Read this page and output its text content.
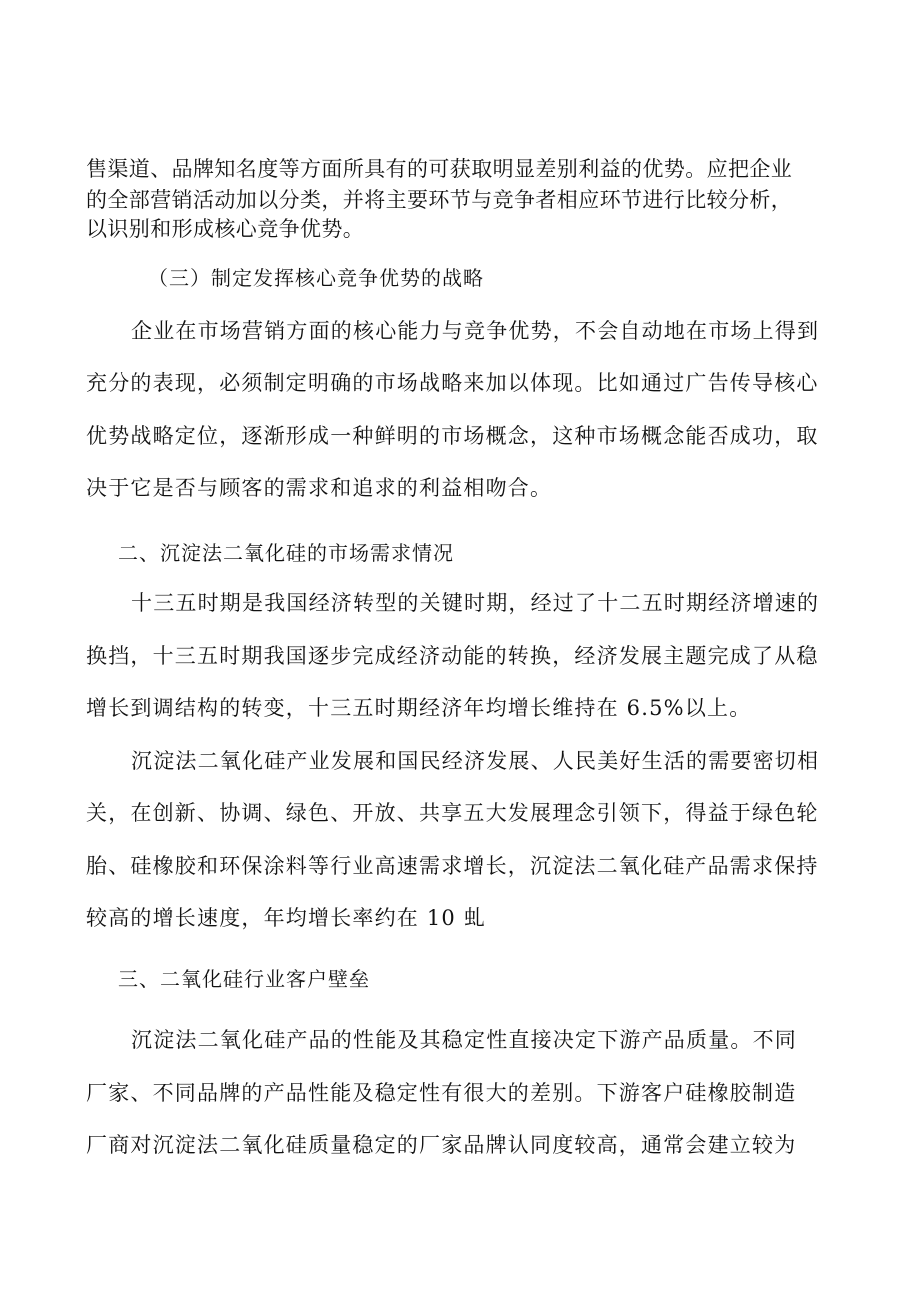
售渠道、品牌知名度等方面所具有的可获取明显差别利益的优势。应把企业
的全部营销活动加以分类，并将主要环节与竞争者相应环节进行比较分析，
以识别和形成核心竞争优势。
（三）制定发挥核心竞争优势的战略
企业在市场营销方面的核心能力与竞争优势，不会自动地在市场上得到
充分的表现，必须制定明确的市场战略来加以体现。比如通过广告传导核心
优势战略定位，逐渐形成一种鲜明的市场概念，这种市场概念能否成功，取
决于它是否与顾客的需求和追求的利益相吻合。
二、沉淀法二氧化硅的市场需求情况
十三五时期是我国经济转型的关键时期，经过了十二五时期经济增速的
换挡，十三五时期我国逐步完成经济动能的转换，经济发展主题完成了从稳
增长到调结构的转变，十三五时期经济年均增长维持在 6.5%以上。
沉淀法二氧化硅产业发展和国民经济发展、人民美好生活的需要密切相
关，在创新、协调、绿色、开放、共享五大发展理念引领下，得益于绿色轮
胎、硅橡胶和环保涂料等行业高速需求增长，沉淀法二氧化硅产品需求保持
较高的增长速度，年均增长率约在 10 虬
三、二氧化硅行业客户壁垒
沉淀法二氧化硅产品的性能及其稳定性直接决定下游产品质量。不同
厂家、不同品牌的产品性能及稳定性有很大的差别。下游客户硅橡胶制造
厂商对沉淀法二氧化硅质量稳定的厂家品牌认同度较高，通常会建立较为
